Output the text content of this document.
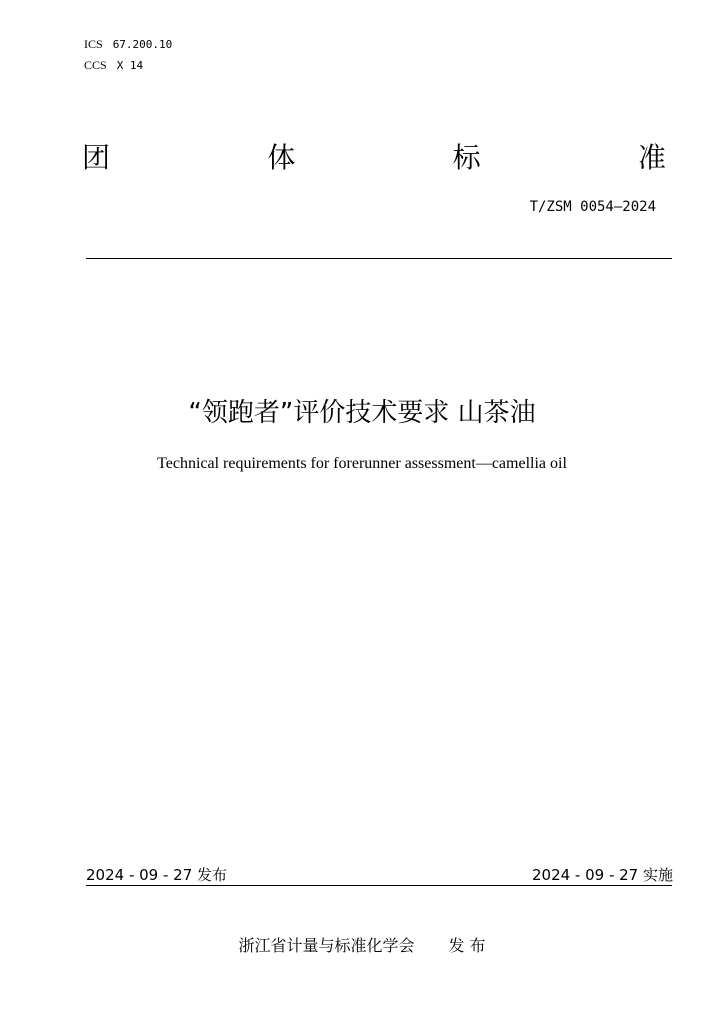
ICS 67.200.10
CCS X 14
团	体	标	准
T/ZSM 0054—2024
“领跑者”评价技术要求 山茶油
Technical requirements for forerunner assessment—camellia oil
2024 - 09 - 27 发布	2024 - 09 - 27 实施
浙江省计量与标准化学会 发 布
